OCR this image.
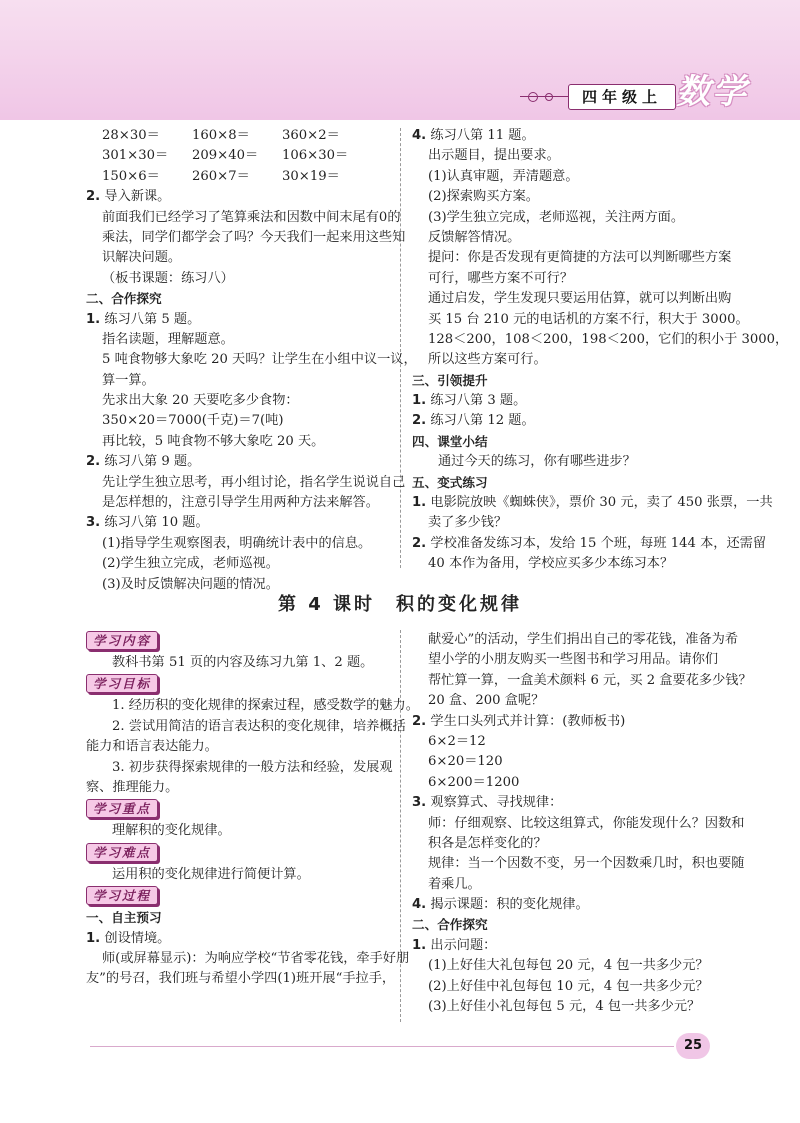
四年级上 数学
28×30＝	160×8＝	360×2＝
301×30＝	209×40＝	106×30＝
150×6＝	260×7＝	30×19＝
2. 导入新课。
前面我们已经学习了笔算乘法和因数中间末尾有0的
乘法，同学们都学会了吗？今天我们一起来用这些知
识解决问题。
（板书课题：练习八）
二、合作探究
1. 练习八第 5 题。
指名读题，理解题意。
5 吨食物够大象吃 20 天吗？让学生在小组中议一议，
算一算。
先求出大象 20 天要吃多少食物：
350×20＝7000(千克)＝7(吨)
再比较，5 吨食物不够大象吃 20 天。
2. 练习八第 9 题。
先让学生独立思考，再小组讨论，指名学生说说自己
是怎样想的，注意引导学生用两种方法来解答。
3. 练习八第 10 题。
(1)指导学生观察图表，明确统计表中的信息。
(2)学生独立完成，老师巡视。
(3)及时反馈解决问题的情况。
4. 练习八第 11 题。
出示题目，提出要求。
(1)认真审题，弄清题意。
(2)探索购买方案。
(3)学生独立完成，老师巡视，关注两方面。
反馈解答情况。
提问：你是否发现有更简捷的方法可以判断哪些方案
可行，哪些方案不可行？
通过启发，学生发现只要运用估算，就可以判断出购
买 15 台 210 元的电话机的方案不行，积大于 3000。
128＜200，108＜200，198＜200，它们的积小于 3000，
所以这些方案可行。
三、引领提升
1. 练习八第 3 题。
2. 练习八第 12 题。
四、课堂小结
通过今天的练习，你有哪些进步？
五、变式练习
1. 电影院放映《蜘蛛侠》，票价 30 元，卖了 450 张票，一共
卖了多少钱？
2. 学校准备发练习本，发给 15 个班，每班 144 本，还需留
40 本作为备用，学校应买多少本练习本？
第 4 课时　积的变化规律
学习内容
教科书第 51 页的内容及练习九第 1、2 题。
学习目标
1. 经历积的变化规律的探索过程，感受数学的魅力。
2. 尝试用简洁的语言表达积的变化规律，培养概括
能力和语言表达能力。
3. 初步获得探索规律的一般方法和经验，发展观
察、推理能力。
学习重点
理解积的变化规律。
学习难点
运用积的变化规律进行简便计算。
学习过程
一、自主预习
1. 创设情境。
师(或屏幕显示)：为响应学校“节省零花钱，牵手好朋
友”的号召，我们班与希望小学四(1)班开展“手拉手，
献爱心”的活动，学生们捐出自己的零花钱，准备为希
望小学的小朋友购买一些图书和学习用品。请你们
帮忙算一算，一盒美术颜料 6 元，买 2 盒要花多少钱？
20 盒、200 盒呢？
2. 学生口头列式并计算：(教师板书)
6×2＝12
6×20＝120
6×200＝1200
3. 观察算式、寻找规律：
师：仔细观察、比较这组算式，你能发现什么？因数和
积各是怎样变化的？
规律：当一个因数不变，另一个因数乘几时，积也要随
着乘几。
4. 揭示课题：积的变化规律。
二、合作探究
1. 出示问题：
(1)上好佳大礼包每包 20 元，4 包一共多少元？
(2)上好佳中礼包每包 10 元，4 包一共多少元？
(3)上好佳小礼包每包 5 元，4 包一共多少元？
25
